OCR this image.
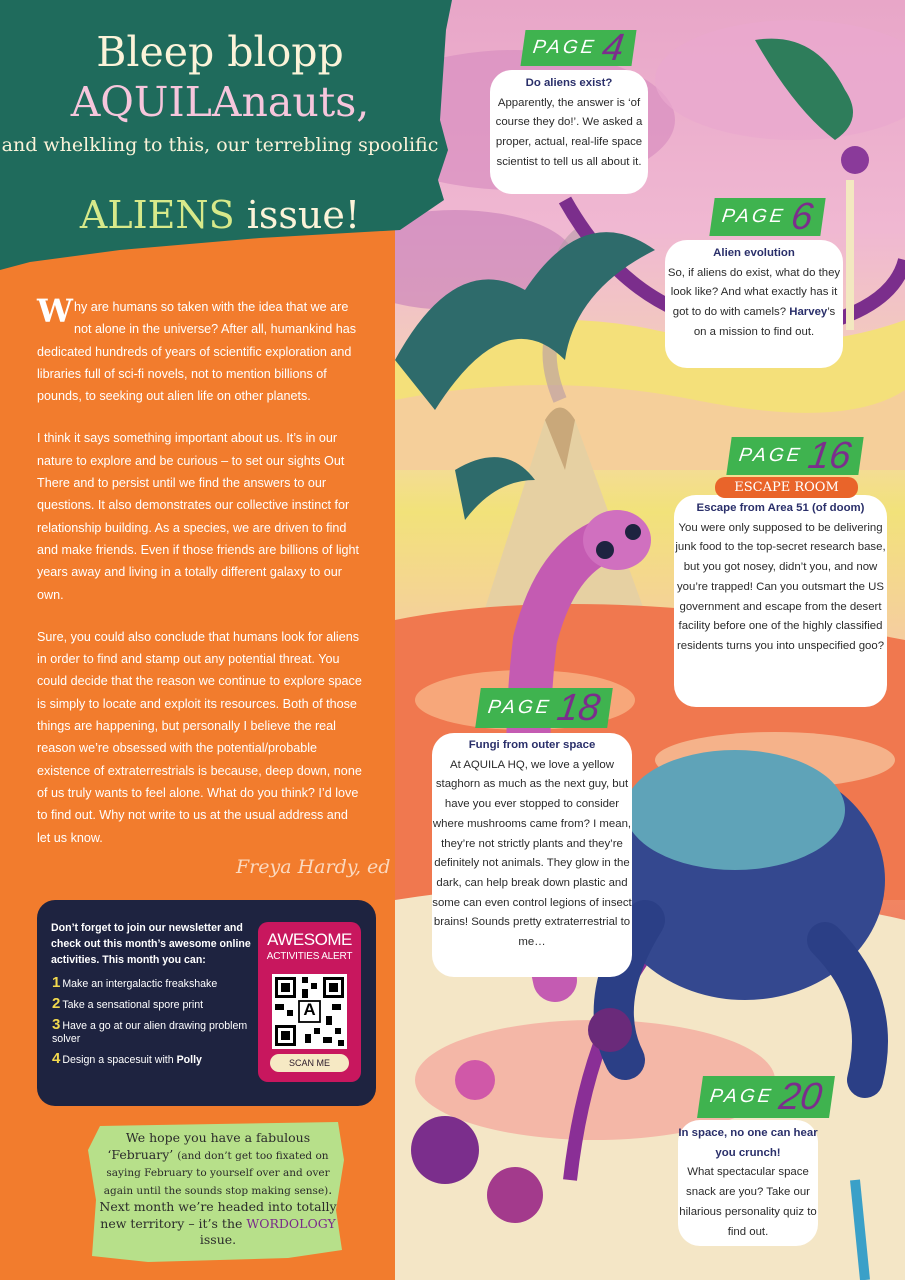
Bleep blopp
AQUILAnauts,
and whelkling to this, our terrebling spoolific
ALIENS issue!

Why are humans so taken with the idea that we are not alone in the universe? After all, humankind has dedicated hundreds of years of scientific exploration and libraries full of sci-fi novels, not to mention billions of pounds, to seeking out alien life on other planets.

I think it says something important about us. It’s in our nature to explore and be curious – to set our sights Out There and to persist until we find the answers to our questions. It also demonstrates our collective instinct for relationship building. As a species, we are driven to find and make friends. Even if those friends are billions of light years away and living in a totally different galaxy to our own.

Sure, you could also conclude that humans look for aliens in order to find and stamp out any potential threat. You could decide that the reason we continue to explore space is simply to locate and exploit its resources. Both of those things are happening, but personally I believe the real reason we’re obsessed with the potential/probable existence of extraterrestrials is because, deep down, none of us truly wants to feel alone. What do you think? I’d love to find out. Why not write to us at the usual address and let us know.

Freya Hardy, ed
Don’t forget to join our newsletter and check out this month’s awesome online activities. This month you can:
1 Make an intergalactic freakshake
2 Take a sensational spore print
3 Have a go at our alien drawing problem solver
4 Design a spacesuit with Polly
AWESOME
ACTIVITIES ALERT
A
SCAN ME
We hope you have a fabulous ‘February’ (and don’t get too fixated on saying February to yourself over and over again until the sounds stop making sense). Next month we’re headed into totally new territory – it’s the WORDOLOGY issue.
PAGE4
Do aliens exist?
Apparently, the answer is ‘of course they do!’. We asked a proper, actual, real-life space scientist to tell us all about it.
PAGE6
Alien evolution
So, if aliens do exist, what do they look like? And what exactly has it got to do with camels? Harvey’s on a mission to find out.
PAGE16
Escape from Area 51 (of doom)
You were only supposed to be delivering junk food to the top-secret research base, but you got nosey, didn’t you, and now you’re trapped! Can you outsmart the US government and escape from the desert facility before one of the highly classified residents turns you into unspecified goo?
ESCAPE ROOM
PAGE18
Fungi from outer space
At AQUILA HQ, we love a yellow staghorn as much as the next guy, but have you ever stopped to consider where mushrooms came from? I mean, they’re not strictly plants and they’re definitely not animals. They glow in the dark, can help break down plastic and some can even control legions of insect brains! Sounds pretty extraterrestrial to me…
PAGE20
In space, no one can hear you crunch!
What spectacular space snack are you? Take our hilarious personality quiz to find out.
